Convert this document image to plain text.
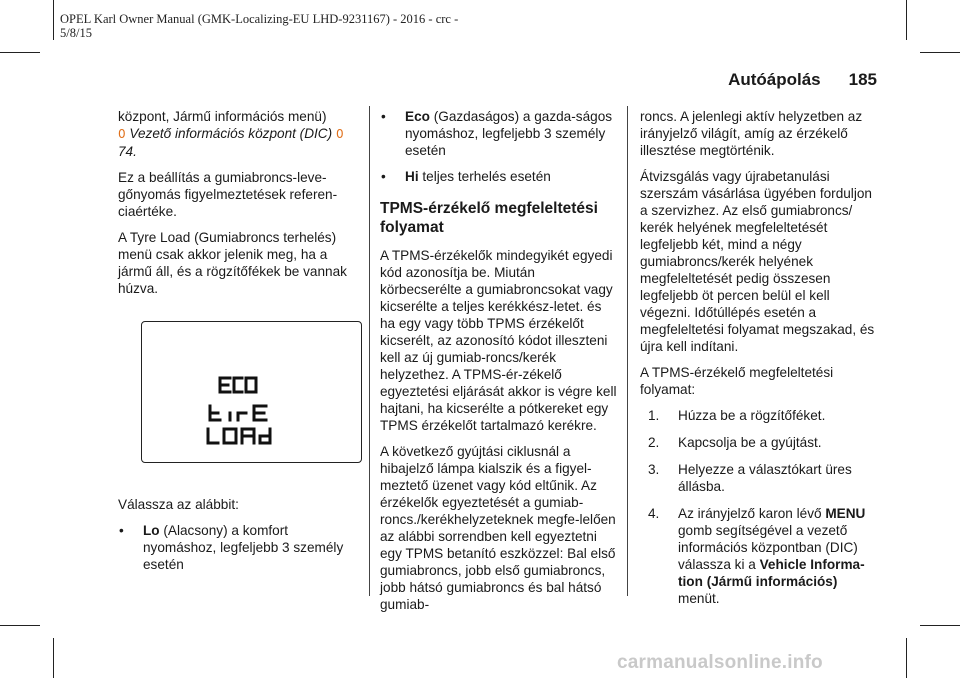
OPEL Karl Owner Manual (GMK-Localizing-EU LHD-9231167) - 2016 - crc -
5/8/15
Autóápolás 185

központ, Jármű információs menü)
0 Vezető információs központ (DIC) 0 74.

Ez a beállítás a gumiabroncs-leve-gőnyomás figyelmeztetések referen-ciaértéke.

A Tyre Load (Gumiabroncs terhelés) menü csak akkor jelenik meg, ha a jármű áll, és a rögzítőfékek be vannak húzva.

Válassza az alábbit:

• Lo (Alacsony) a komfort nyomáshoz, legfeljebb 3 személy esetén
• Eco (Gazdaságos) a gazda-ságos nyomáshoz, legfeljebb 3 személy esetén
• Hi teljes terhelés esetén
TPMS-érzékelő megfeleltetési folyamat

A TPMS-érzékelők mindegyikét egyedi kód azonosítja be. Miután körbecserélte a gumiabroncsokat vagy kicserélte a teljes kerékkész-letet. és ha egy vagy több TPMS érzékelőt kicserélt, az azonosító kódot illeszteni kell az új gumiab-roncs/kerék helyzethez. A TPMS-ér-zékelő egyeztetési eljárását akkor is végre kell hajtani, ha kicserélte a pótkereket egy TPMS érzékelőt tartalmazó kerékre.

A következő gyújtási ciklusnál a hibajelző lámpa kialszik és a figyel-meztető üzenet vagy kód eltűnik. Az érzékelők egyeztetését a gumiab-roncs./kerékhelyzeteknek megfe-lelően az alábbi sorrendben kell egyeztetni egy TPMS betanító eszközzel: Bal első gumiabroncs, jobb első gumiabroncs, jobb hátsó gumiabroncs és bal hátsó gumiab-

roncs. A jelenlegi aktív helyzetben az irányjelző világít, amíg az érzékelő illesztése megtörténik.

Átvizsgálás vagy újrabetanulási szerszám vásárlása ügyében forduljon a szervizhez. Az első gumiabroncs/ kerék helyének megfeleltetését legfeljebb két, mind a négy gumiabroncs/kerék helyének megfeleltetését pedig összesen legfeljebb öt percen belül el kell végezni. Időtúllépés esetén a megfeleltetési folyamat megszakad, és újra kell indítani.

A TPMS-érzékelő megfeleltetési folyamat:

1. Húzza be a rögzítőféket.
2. Kapcsolja be a gyújtást.
3. Helyezze a választókart üres állásba.
4. Az irányjelző karon lévő MENU gomb segítségével a vezető információs központban (DIC) válassza ki a Vehicle Informa-tion (Jármű információs) menüt.
carmanualsonline.info
